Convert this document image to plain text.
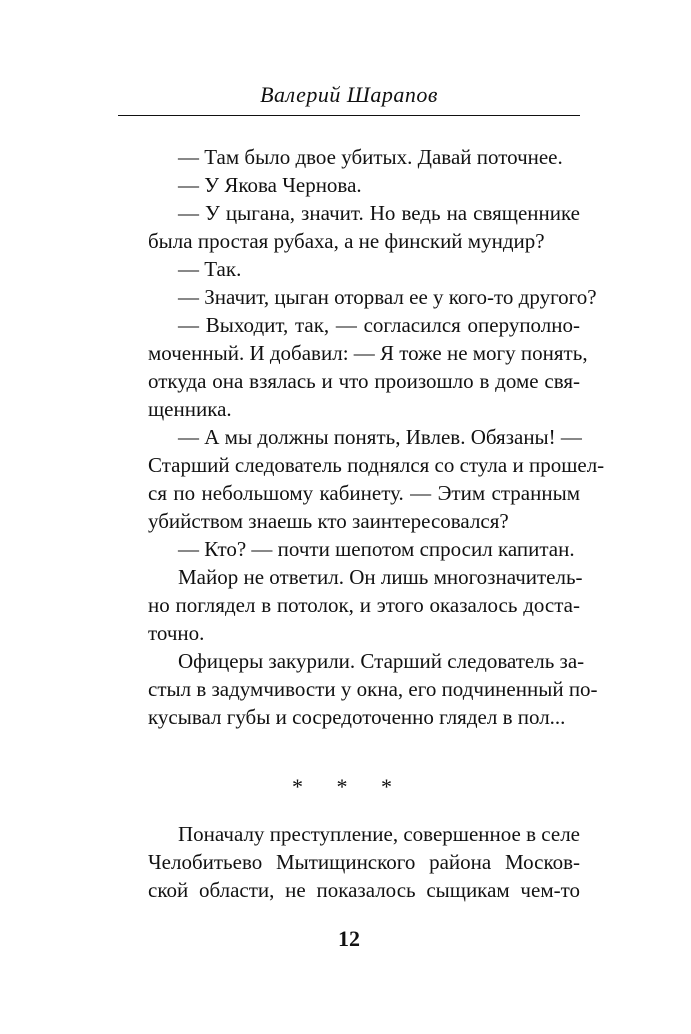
Валерий Шарапов

— Там было двое убитых. Давай поточнее.

— У Якова Чернова.

— У цыгана, значит. Но ведь на священнике
была простая рубаха, а не финский мундир?

— Так.

— Значит, цыган оторвал ее у кого-то другого?

— Выходит, так, — согласился оперуполно-
моченный. И добавил: — Я тоже не могу понять,
откуда она взялась и что произошло в доме свя-
щенника.

— А мы должны понять, Ивлев. Обязаны! —
Старший следователь поднялся со стула и прошел-
ся по небольшому кабинету. — Этим странным
убийством знаешь кто заинтересовался?

— Кто? — почти шепотом спросил капитан.

Майор не ответил. Он лишь многозначитель-
но поглядел в потолок, и этого оказалось доста-
точно.

Офицеры закурили. Старший следователь за-
стыл в задумчивости у окна, его подчиненный по-
кусывал губы и сосредоточенно глядел в пол...

* * *

Поначалу преступление, совершенное в селе
Челобитьево Мытищинского района Москов-
ской области, не показалось сыщикам чем-то

12
